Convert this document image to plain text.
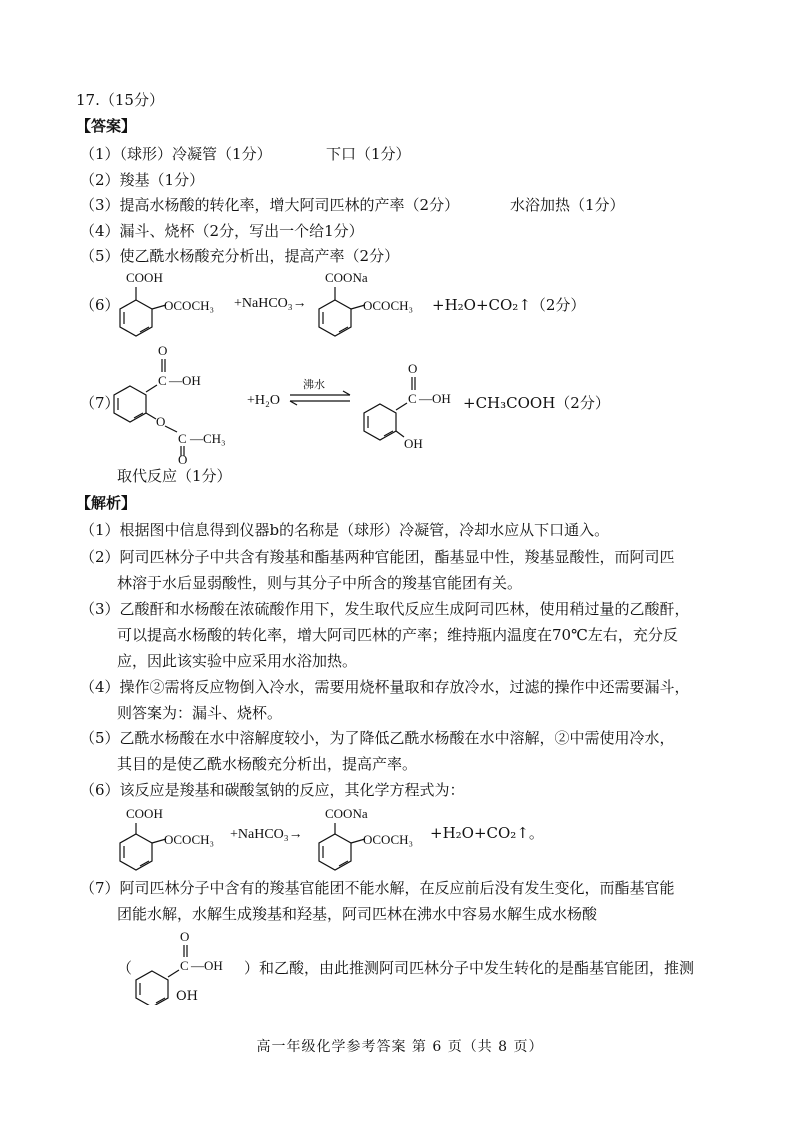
17.（15分）
【答案】
（1）（球形）冷凝管（1分）	下口（1分）
（2）羧基（1分）
（3）提高水杨酸的转化率，增大阿司匹林的产率（2分）	水浴加热（1分）
（4）漏斗、烧杯（2分，写出一个给1分）
（5）使乙酰水杨酸充分析出，提高产率（2分）
（6）
COOH
OCOCH₃ +NaHCO₃→
COONa
OCOCH₃ +H₂O+CO₂↑（2分）
（7）
O
C —OH
O
C —CH₃
O
+H₂O
沸水
O
C —OH
OH
+CH₃COOH（2分）
取代反应（1分）
【解析】
（1）根据图中信息得到仪器b的名称是（球形）冷凝管，冷却水应从下口通入。
（2）阿司匹林分子中共含有羧基和酯基两种官能团，酯基显中性，羧基显酸性，而阿司匹
林溶于水后显弱酸性，则与其分子中所含的羧基官能团有关。
（3）乙酸酐和水杨酸在浓硫酸作用下，发生取代反应生成阿司匹林，使用稍过量的乙酸酐，
可以提高水杨酸的转化率，增大阿司匹林的产率；维持瓶内温度在70℃左右，充分反
应，因此该实验中应采用水浴加热。
（4）操作②需将反应物倒入冷水，需要用烧杯量取和存放冷水，过滤的操作中还需要漏斗，
则答案为：漏斗、烧杯。
（5）乙酰水杨酸在水中溶解度较小，为了降低乙酰水杨酸在水中溶解，②中需使用冷水，
其目的是使乙酰水杨酸充分析出，提高产率。
（6）该反应是羧基和碳酸氢钠的反应，其化学方程式为：
COOH
OCOCH₃ +NaHCO₃→
COONa
OCOCH₃ +H₂O+CO₂↑。
（7）阿司匹林分子中含有的羧基官能团不能水解，在反应前后没有发生变化，而酯基官能
团能水解，水解生成羧基和羟基，阿司匹林在沸水中容易水解生成水杨酸
（
O
C —OH
OH
）和乙酸，由此推测阿司匹林分子中发生转化的是酯基官能团，推测
高一年级化学参考答案 第 6 页（共 8 页）
